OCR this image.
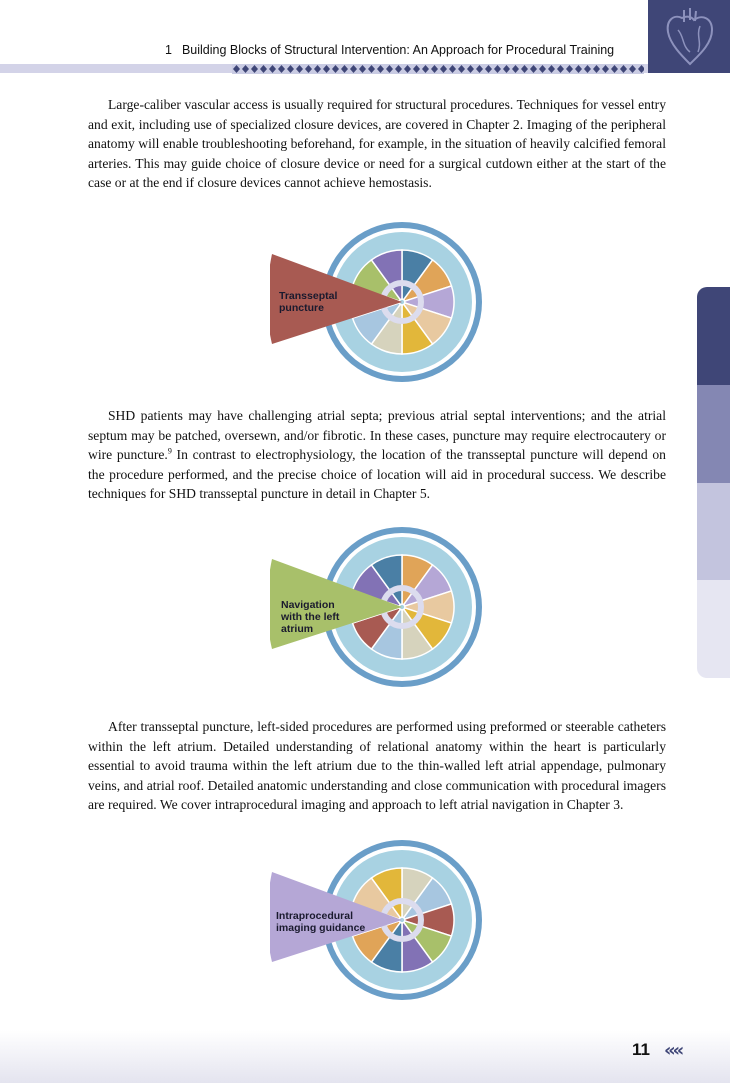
1 Building Blocks of Structural Intervention: An Approach for Procedural Training

Large-caliber vascular access is usually required for structural procedures. Techniques for vessel entry and exit, including use of specialized closure devices, are covered in Chapter 2. Imaging of the peripheral anatomy will enable troubleshooting beforehand, for example, in the situation of heavily calcified femoral arteries. This may guide choice of closure device or need for a surgical cutdown either at the start of the case or at the end if closure devices cannot achieve hemostasis.

Transseptal
puncture

SHD patients may have challenging atrial septa; previous atrial septal interventions; and the atrial septum may be patched, oversewn, and/or fibrotic. In these cases, puncture may require electrocautery or wire puncture.$^9$ In contrast to electrophysiology, the location of the transseptal puncture will depend on the procedure performed, and the precise choice of location will aid in procedural success. We describe techniques for SHD transseptal puncture in detail in Chapter 5.

Navigation
with the left
atrium

After transseptal puncture, left-sided procedures are performed using preformed or steerable catheters within the left atrium. Detailed understanding of relational anatomy within the heart is particularly essential to avoid trauma within the left atrium due to the thin-walled left atrial appendage, pulmonary veins, and atrial roof. Detailed anatomic understanding and close communication with procedural imagers are required. We cover intraprocedural imaging and approach to left atrial navigation in Chapter 3.

Intraprocedural
imaging guidance
11 ««
